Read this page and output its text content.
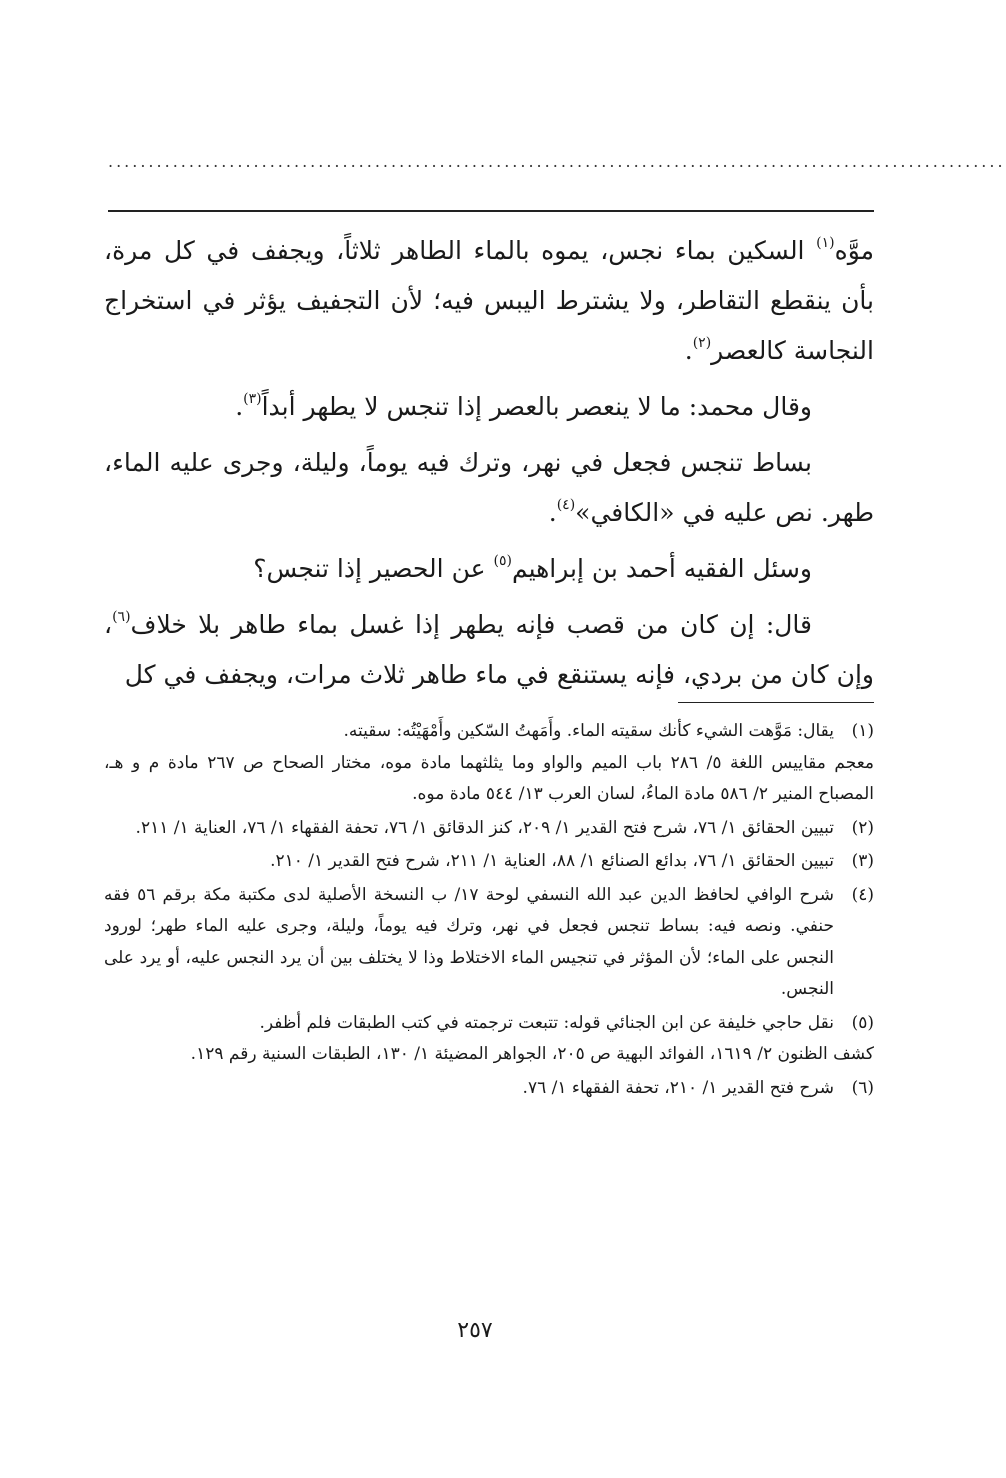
...............................................................................................................

موَّه$^{(١)}$ السكين بماء نجس، يموه بالماء الطاهر ثلاثاً، ويجفف في كل مرة، بأن ينقطع التقاطر، ولا يشترط اليبس فيه؛ لأن التجفيف يؤثر في استخراج النجاسة كالعصر$^{(٢)}$.

وقال محمد: ما لا ينعصر بالعصر إذا تنجس لا يطهر أبداً$^{(٣)}$.

بساط تنجس فجعل في نهر، وترك فيه يوماً، وليلة، وجرى عليه الماء، طهر. نص عليه في «الكافي»$^{(٤)}$.

وسئل الفقيه أحمد بن إبراهيم$^{(٥)}$ عن الحصير إذا تنجس؟

قال: إن كان من قصب فإنه يطهر إذا غسل بماء طاهر بلا خلاف$^{(٦)}$، وإن كان من بردي، فإنه يستنقع في ماء طاهر ثلاث مرات، ويجفف في كل

(١)
يقال: مَوَّهت الشيء كأنك سقيته الماء. وأَمَهتُ السّكين وأَمْهَيْتُه: سقيته.
معجم مقاييس اللغة ٥/ ٢٨٦ باب الميم والواو وما يثلثهما مادة موه، مختار الصحاح ص ٢٦٧ مادة م و هـ، المصباح المنير ٢/ ٥٨٦ مادة الماءُ، لسان العرب ١٣/ ٥٤٤ مادة موه.
(٢)
تبيين الحقائق ١/ ٧٦، شرح فتح القدير ١/ ٢٠٩، كنز الدقائق ١/ ٧٦، تحفة الفقهاء ١/ ٧٦، العناية ١/ ٢١١.
(٣)
تبيين الحقائق ١/ ٧٦، بدائع الصنائع ١/ ٨٨، العناية ١/ ٢١١، شرح فتح القدير ١/ ٢١٠.
(٤)
شرح الوافي لحافظ الدين عبد الله النسفي لوحة ١٧/ ب النسخة الأصلية لدى مكتبة مكة برقم ٥٦ فقه حنفي. ونصه فيه: بساط تنجس فجعل في نهر، وترك فيه يوماً، وليلة، وجرى عليه الماء طهر؛ لورود النجس على الماء؛ لأن المؤثر في تنجيس الماء الاختلاط وذا لا يختلف بين أن يرد النجس عليه، أو يرد على النجس.
(٥)
نقل حاجي خليفة عن ابن الجنائي قوله: تتبعت ترجمته في كتب الطبقات فلم أظفر.
كشف الظنون ٢/ ١٦١٩، الفوائد البهية ص ٢٠٥، الجواهر المضيئة ١/ ١٣٠، الطبقات السنية رقم ١٢٩.
(٦)
شرح فتح القدير ١/ ٢١٠، تحفة الفقهاء ١/ ٧٦.
٢٥٧
